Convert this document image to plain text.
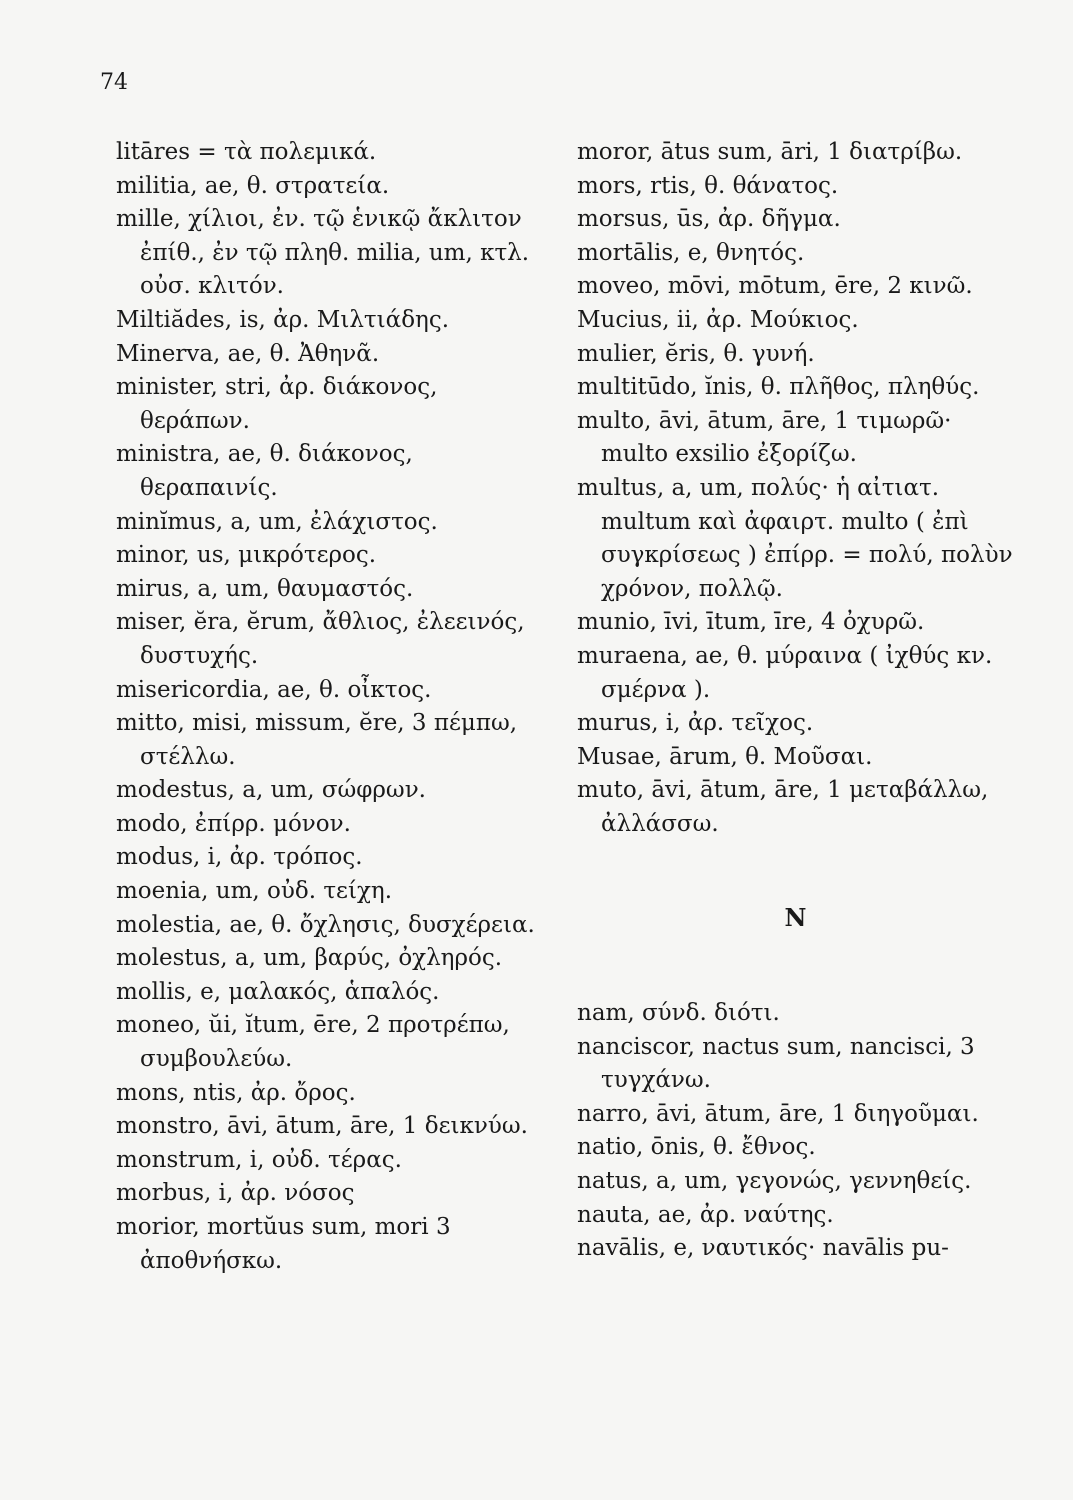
74

litāres = τὰ πολεμικά.

militia, ae, θ. στρατεία.

mille, χίλιοι, ἐν. τῷ ἑνικῷ ἄκλιτον ἐπίθ., ἐν τῷ πληθ. milia, um, κτλ. οὐσ. κλιτόν.

Miltiădes, is, ἀρ. Μιλτιάδης.

Minerva, ae, θ. Ἀθηνᾶ.

minister, stri, ἀρ. διάκονος, θεράπων.

ministra, ae, θ. διάκονος, θεραπαινίς.

minĭmus, a, um, ἐλάχιστος.

minor, us, μικρότερος.

mirus, a, um, θαυμαστός.

miser, ĕra, ĕrum, ἄθλιος, ἐλεεινός, δυστυχής.

misericordia, ae, θ. οἶκτος.

mitto, misi, missum, ĕre, 3 πέμπω, στέλλω.

modestus, a, um, σώφρων.

modo, ἐπίρρ. μόνον.

modus, i, ἀρ. τρόπος.

moenia, um, οὐδ. τείχη.

molestia, ae, θ. ὄχλησις, δυσχέρεια.

molestus, a, um, βαρύς, ὀχληρός.

mollis, e, μαλακός, ἁπαλός.

moneo, ŭi, ĭtum, ēre, 2 προτρέπω, συμβουλεύω.

mons, ntis, ἀρ. ὄρος.

monstro, āvi, ātum, āre, 1 δεικνύω.

monstrum, i, οὐδ. τέρας.

morbus, i, ἀρ. νόσος

morior, mortŭus sum, mori 3 ἀποθνήσκω.

moror, ātus sum, āri, 1 διατρίβω.

mors, rtis, θ. θάνατος.

morsus, ūs, ἀρ. δῆγμα.

mortālis, e, θνητός.

moveo, mōvi, mōtum, ēre, 2 κινῶ.

Mucius, ii, ἀρ. Μούκιος.

mulier, ĕris, θ. γυνή.

multitūdo, ĭnis, θ. πλῆθος, πληθύς.

multo, āvi, ātum, āre, 1 τιμωρῶ· multo exsilio ἐξορίζω.

multus, a, um, πολύς· ἡ αἰτιατ. multum καὶ ἀφαιρτ. multo ( ἐπὶ συγκρίσεως ) ἐπίρρ. = πολύ, πολὺν χρόνον, πολλῷ.

munio, īvi, ītum, īre, 4 ὀχυρῶ.

muraena, ae, θ. μύραινα ( ἰχθύς κν. σμέρνα ).

murus, i, ἀρ. τεῖχος.

Musae, ārum, θ. Μοῦσαι.

muto, āvi, ātum, āre, 1 μεταβάλλω, ἀλλάσσω.

N

nam, σύνδ. διότι.

nanciscor, nactus sum, nancisci, 3 τυγχάνω.

narro, āvi, ātum, āre, 1 διηγοῦμαι.

natio, ōnis, θ. ἔθνος.

natus, a, um, γεγονώς, γεννηθείς.

nauta, ae, ἀρ. ναύτης.

navālis, e, ναυτικός· navālis pu-
